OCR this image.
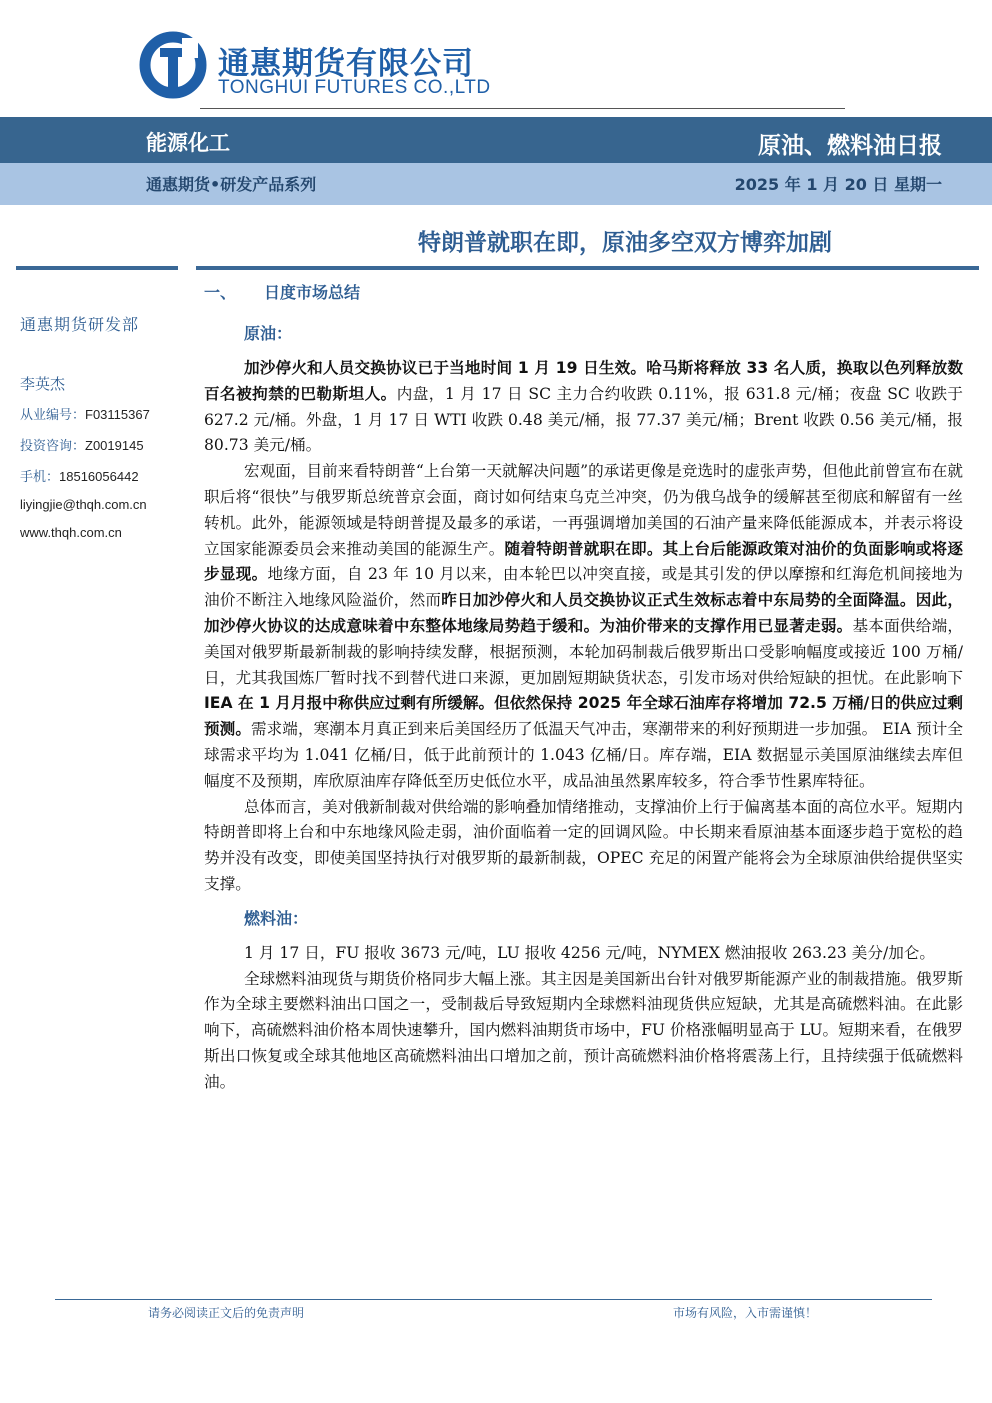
通惠期货有限公司
TONGHUI FUTURES CO.,LTD
能源化工	原油、燃料油日报
通惠期货•研发产品系列	2025 年 1 月 20 日 星期一
特朗普就职在即，原油多空双方博弈加剧
通惠期货研发部
李英杰
从业编号：F03115367
投资咨询：Z0019145
手机：18516056442
liyingjie@thqh.com.cn
www.thqh.com.cn
一、 日度市场总结
原油：

加沙停火和人员交换协议已于当地时间 1 月 19 日生效。哈马斯将释放 33 名人质，换取以色列释放数百名被拘禁的巴勒斯坦人。内盘，1 月 17 日 SC 主力合约收跌 0.11%，报 631.8 元/桶；夜盘 SC 收跌于 627.2 元/桶。外盘，1 月 17 日 WTI 收跌 0.48 美元/桶，报 77.37 美元/桶；Brent 收跌 0.56 美元/桶，报 80.73 美元/桶。

宏观面，目前来看特朗普“上台第一天就解决问题”的承诺更像是竞选时的虚张声势，但他此前曾宣布在就职后将“很快”与俄罗斯总统普京会面，商讨如何结束乌克兰冲突，仍为俄乌战争的缓解甚至彻底和解留有一丝转机。此外，能源领域是特朗普提及最多的承诺，一再强调增加美国的石油产量来降低能源成本，并表示将设立国家能源委员会来推动美国的能源生产。随着特朗普就职在即。其上台后能源政策对油价的负面影响或将逐步显现。地缘方面，自 23 年 10 月以来，由本轮巴以冲突直接，或是其引发的伊以摩擦和红海危机间接地为油价不断注入地缘风险溢价，然而昨日加沙停火和人员交换协议正式生效标志着中东局势的全面降温。因此，加沙停火协议的达成意味着中东整体地缘局势趋于缓和。为油价带来的支撑作用已显著走弱。基本面供给端，美国对俄罗斯最新制裁的影响持续发酵，根据预测，本轮加码制裁后俄罗斯出口受影响幅度或接近 100 万桶/日，尤其我国炼厂暂时找不到替代进口来源，更加剧短期缺货状态，引发市场对供给短缺的担忧。在此影响下IEA 在 1 月月报中称供应过剩有所缓解。但依然保持 2025 年全球石油库存将增加 72.5 万桶/日的供应过剩预测。需求端，寒潮本月真正到来后美国经历了低温天气冲击，寒潮带来的利好预期进一步加强。 EIA 预计全球需求平均为 1.041 亿桶/日，低于此前预计的 1.043 亿桶/日。库存端，EIA 数据显示美国原油继续去库但幅度不及预期，库欣原油库存降低至历史低位水平，成品油虽然累库较多，符合季节性累库特征。

总体而言，美对俄新制裁对供给端的影响叠加情绪推动，支撑油价上行于偏离基本面的高位水平。短期内特朗普即将上台和中东地缘风险走弱，油价面临着一定的回调风险。中长期来看原油基本面逐步趋于宽松的趋势并没有改变，即使美国坚持执行对俄罗斯的最新制裁，OPEC 充足的闲置产能将会为全球原油供给提供坚实支撑。

燃料油：

1 月 17 日，FU 报收 3673 元/吨，LU 报收 4256 元/吨，NYMEX 燃油报收 263.23 美分/加仑。

全球燃料油现货与期货价格同步大幅上涨。其主因是美国新出台针对俄罗斯能源产业的制裁措施。俄罗斯作为全球主要燃料油出口国之一，受制裁后导致短期内全球燃料油现货供应短缺，尤其是高硫燃料油。在此影响下，高硫燃料油价格本周快速攀升，国内燃料油期货市场中，FU 价格涨幅明显高于 LU。短期来看，在俄罗斯出口恢复或全球其他地区高硫燃料油出口增加之前，预计高硫燃料油价格将震荡上行，且持续强于低硫燃料油。

请务必阅读正文后的免责声明	市场有风险，入市需谨慎！
